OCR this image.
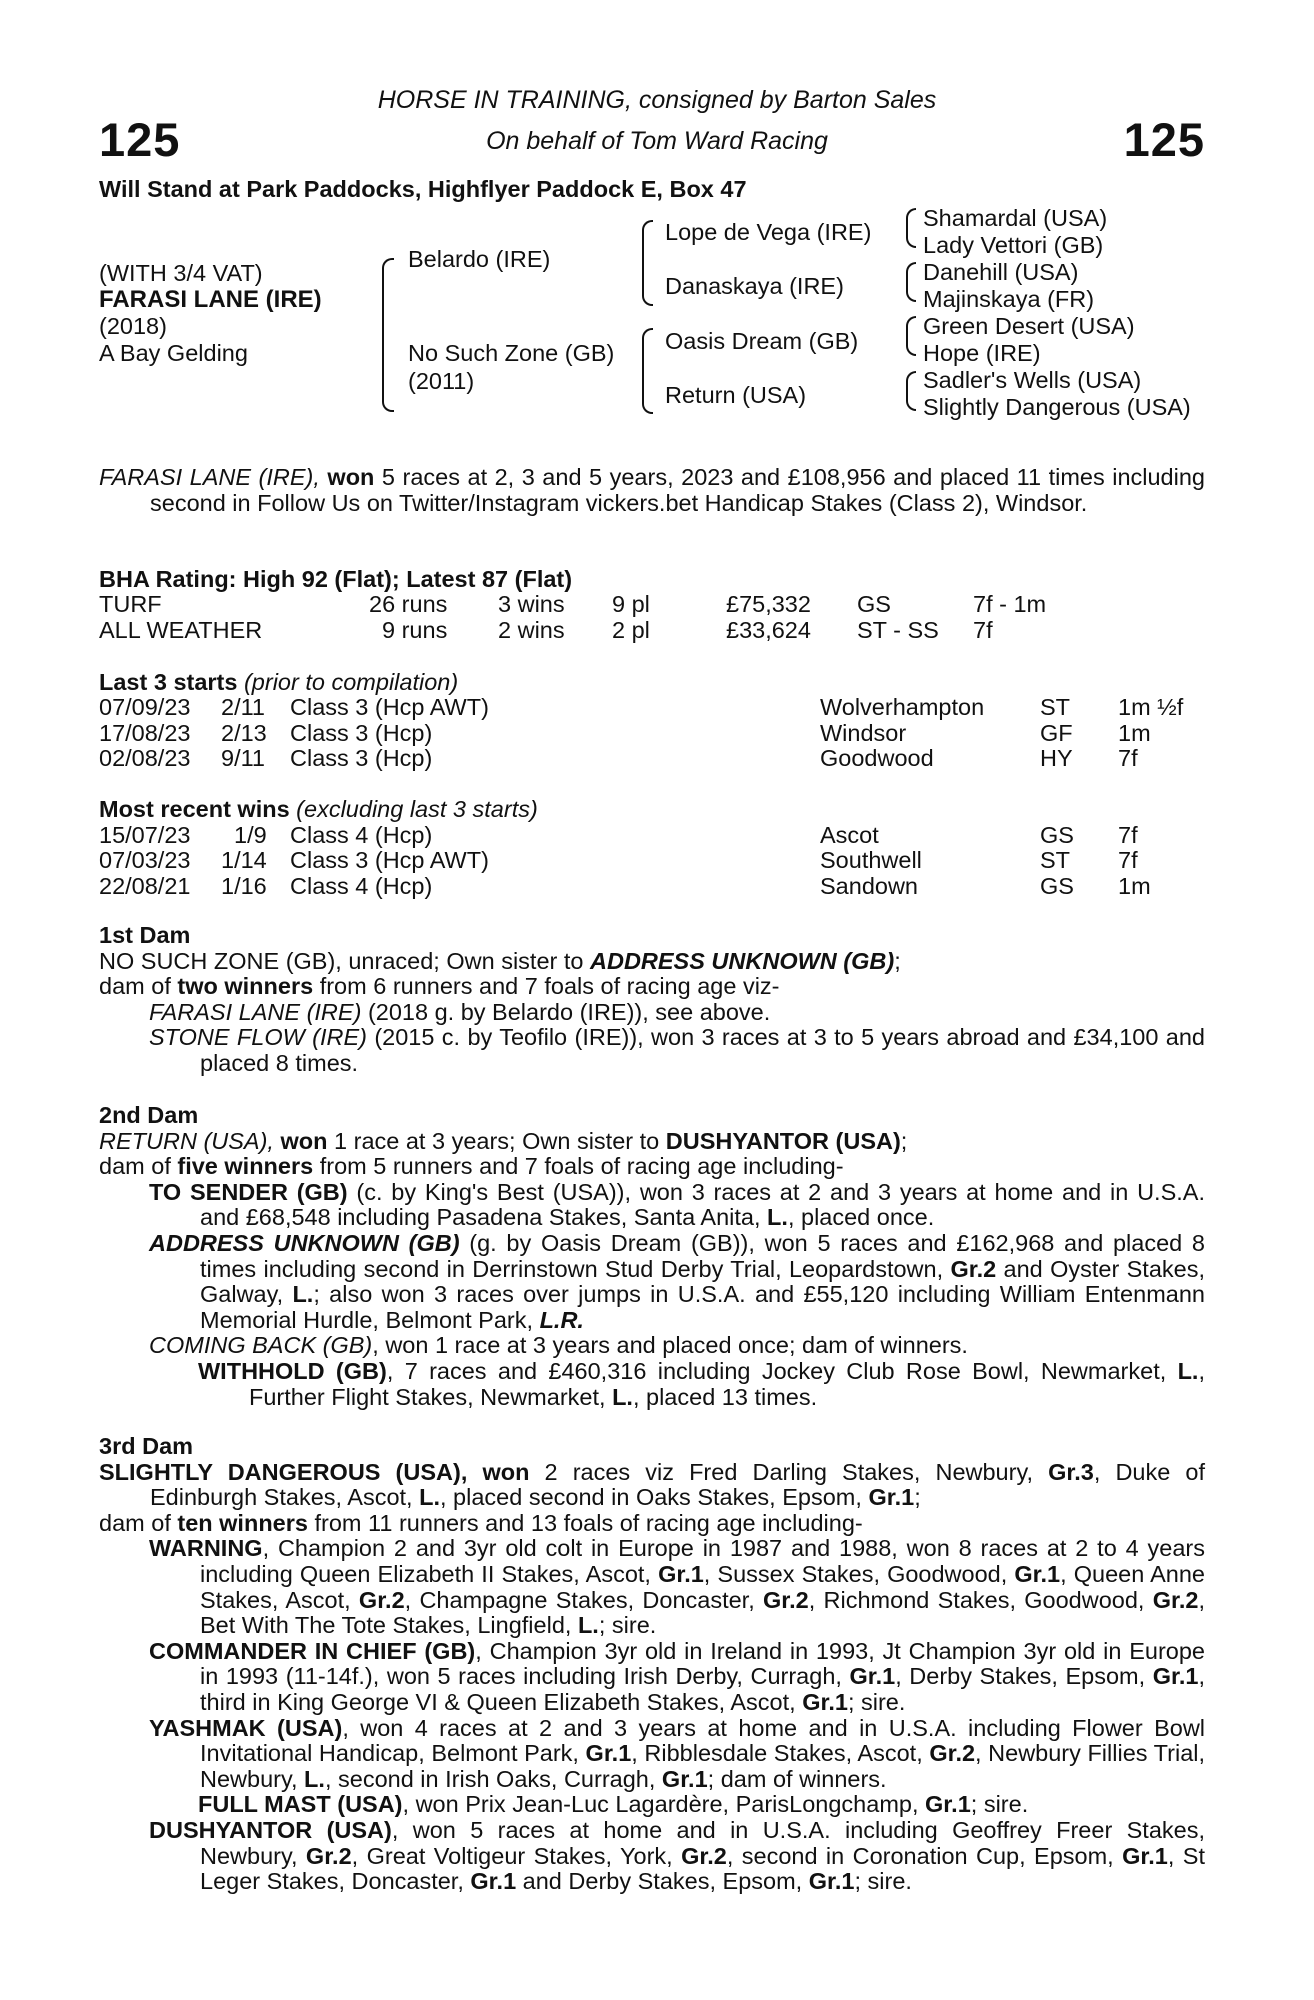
125	125
HORSE IN TRAINING, consigned by Barton Sales
On behalf of Tom Ward Racing
Will Stand at Park Paddocks, Highflyer Paddock E, Box 47
(WITH 3/4 VAT)
FARASI LANE (IRE)
(2018)
A Bay Gelding
Belardo (IRE)
No Such Zone (GB)
(2011)
Lope de Vega (IRE)
Danaskaya (IRE)
Oasis Dream (GB)
Return (USA)
Shamardal (USA)
Lady Vettori (GB)
Danehill (USA)
Majinskaya (FR)
Green Desert (USA)
Hope (IRE)
Sadler's Wells (USA)
Slightly Dangerous (USA)

FARASI LANE (IRE), won 5 races at 2, 3 and 5 years, 2023 and £108,956 and placed 11 times including second in Follow Us on Twitter/Instagram vickers.bet Handicap Stakes (Class 2), Windsor.

BHA Rating: High 92 (Flat); Latest 87 (Flat)
TURF	26 runs 3 wins 9 pl	£75,332 GS	7f - 1m
ALL WEATHER	9 runs 2 wins 2 pl	£33,624 ST - SS 7f
Last 3 starts (prior to compilation)
07/09/23 2/11 Class 3 (Hcp AWT)	Wolverhampton ST 1m ½f
17/08/23 2/13 Class 3 (Hcp)	Windsor	GF 1m
02/08/23 9/11 Class 3 (Hcp)	Goodwood	HY 7f
Most recent wins (excluding last 3 starts)
15/07/23 1/9 Class 4 (Hcp)	Ascot	GS 7f
07/03/23 1/14 Class 3 (Hcp AWT)	Southwell	ST 7f
22/08/21 1/16 Class 4 (Hcp)	Sandown	GS 1m

1st Dam

NO SUCH ZONE (GB), unraced; Own sister to ADDRESS UNKNOWN (GB);

dam of two winners from 6 runners and 7 foals of racing age viz-

FARASI LANE (IRE) (2018 g. by Belardo (IRE)), see above.

STONE FLOW (IRE) (2015 c. by Teofilo (IRE)), won 3 races at 3 to 5 years abroad and £34,100 and placed 8 times.

2nd Dam

RETURN (USA), won 1 race at 3 years; Own sister to DUSHYANTOR (USA);

dam of five winners from 5 runners and 7 foals of racing age including-

TO SENDER (GB) (c. by King's Best (USA)), won 3 races at 2 and 3 years at home and in U.S.A. and £68,548 including Pasadena Stakes, Santa Anita, L., placed once.

ADDRESS UNKNOWN (GB) (g. by Oasis Dream (GB)), won 5 races and £162,968 and placed 8 times including second in Derrinstown Stud Derby Trial, Leopardstown, Gr.2 and Oyster Stakes, Galway, L.; also won 3 races over jumps in U.S.A. and £55,120 including William Entenmann Memorial Hurdle, Belmont Park, L.R.

COMING BACK (GB), won 1 race at 3 years and placed once; dam of winners.

WITHHOLD (GB), 7 races and £460,316 including Jockey Club Rose Bowl, Newmarket, L., Further Flight Stakes, Newmarket, L., placed 13 times.

3rd Dam

SLIGHTLY DANGEROUS (USA), won 2 races viz Fred Darling Stakes, Newbury, Gr.3, Duke of Edinburgh Stakes, Ascot, L., placed second in Oaks Stakes, Epsom, Gr.1;

dam of ten winners from 11 runners and 13 foals of racing age including-

WARNING, Champion 2 and 3yr old colt in Europe in 1987 and 1988, won 8 races at 2 to 4 years including Queen Elizabeth II Stakes, Ascot, Gr.1, Sussex Stakes, Goodwood, Gr.1, Queen Anne Stakes, Ascot, Gr.2, Champagne Stakes, Doncaster, Gr.2, Richmond Stakes, Goodwood, Gr.2, Bet With The Tote Stakes, Lingfield, L.; sire.

COMMANDER IN CHIEF (GB), Champion 3yr old in Ireland in 1993, Jt Champion 3yr old in Europe in 1993 (11-14f.), won 5 races including Irish Derby, Curragh, Gr.1, Derby Stakes, Epsom, Gr.1, third in King George VI & Queen Elizabeth Stakes, Ascot, Gr.1; sire.

YASHMAK (USA), won 4 races at 2 and 3 years at home and in U.S.A. including Flower Bowl Invitational Handicap, Belmont Park, Gr.1, Ribblesdale Stakes, Ascot, Gr.2, Newbury Fillies Trial, Newbury, L., second in Irish Oaks, Curragh, Gr.1; dam of winners.

FULL MAST (USA), won Prix Jean-Luc Lagardère, ParisLongchamp, Gr.1; sire.

DUSHYANTOR (USA), won 5 races at home and in U.S.A. including Geoffrey Freer Stakes, Newbury, Gr.2, Great Voltigeur Stakes, York, Gr.2, second in Coronation Cup, Epsom, Gr.1, St Leger Stakes, Doncaster, Gr.1 and Derby Stakes, Epsom, Gr.1; sire.
